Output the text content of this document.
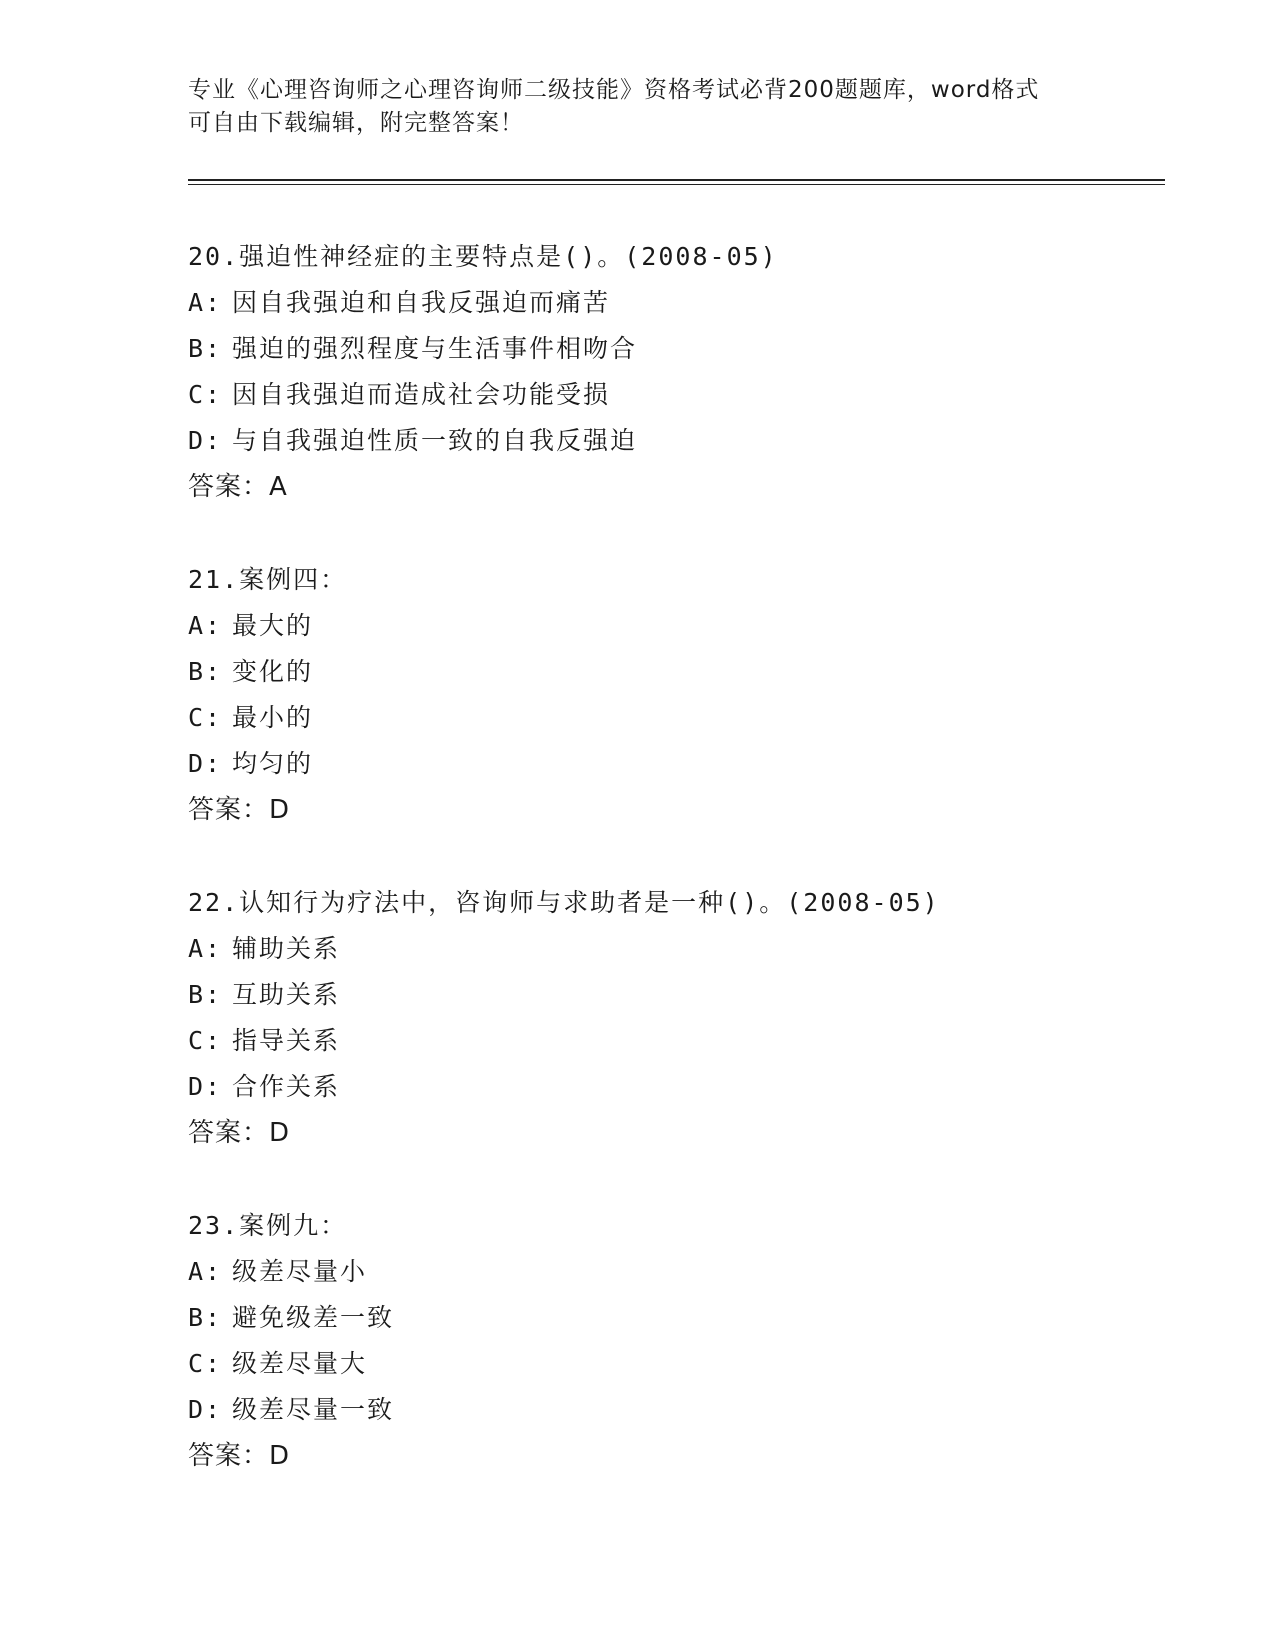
专业《心理咨询师之心理咨询师二级技能》资格考试必背200题题库，word格式
可自由下载编辑，附完整答案！
20.强迫性神经症的主要特点是()。(2008-05)
A: 因自我强迫和自我反强迫而痛苦
B: 强迫的强烈程度与生活事件相吻合
C: 因自我强迫而造成社会功能受损
D: 与自我强迫性质一致的自我反强迫
答案：A
21.案例四：
A: 最大的
B: 变化的
C: 最小的
D: 均匀的
答案：D
22.认知行为疗法中，咨询师与求助者是一种()。(2008-05)
A: 辅助关系
B: 互助关系
C: 指导关系
D: 合作关系
答案：D
23.案例九：
A: 级差尽量小
B: 避免级差一致
C: 级差尽量大
D: 级差尽量一致
答案：D
